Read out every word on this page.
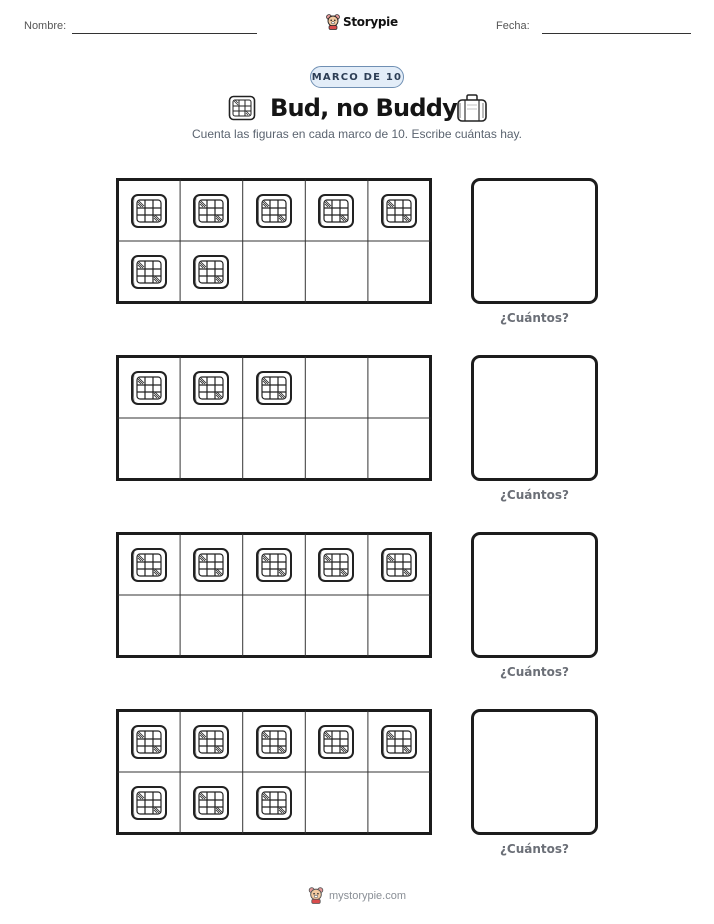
Nombre:	Storypie	Fecha:
MARCO DE 10
Bud, no Buddy
Cuenta las figuras en cada marco de 10. Escribe cuántas hay.
¿Cuántos?
¿Cuántos?
¿Cuántos?
¿Cuántos?
mystorypie.com
